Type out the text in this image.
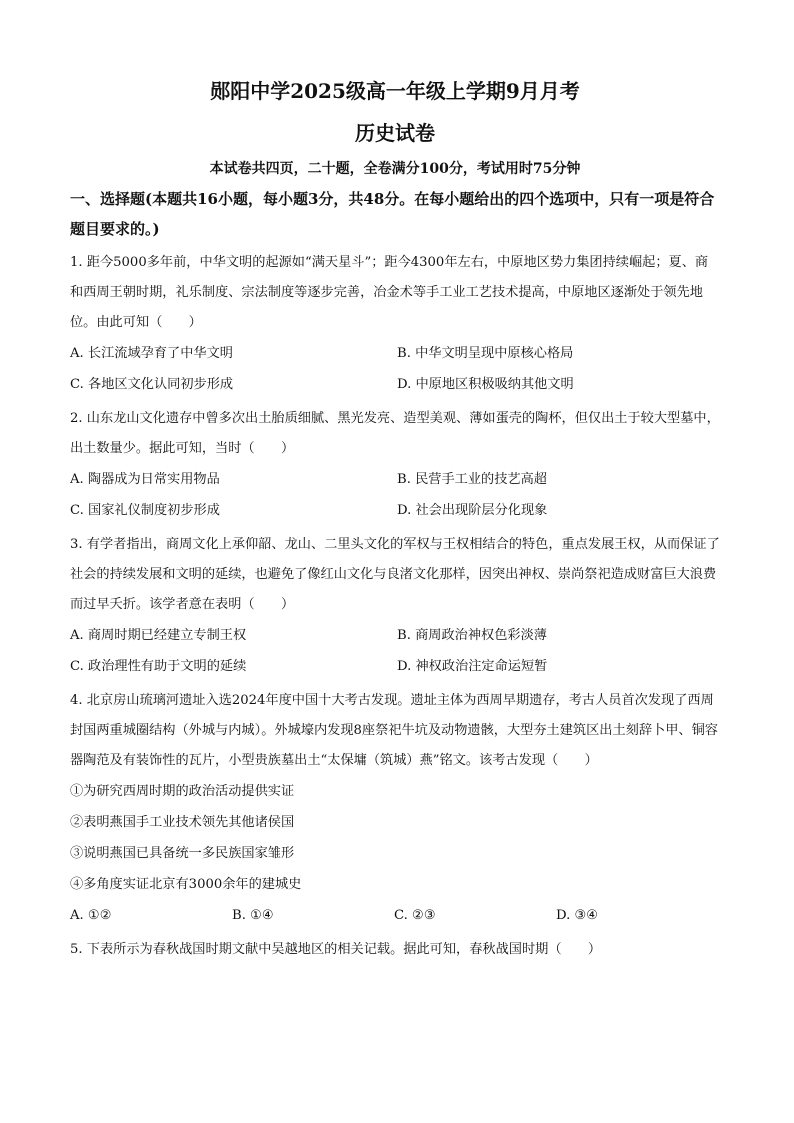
郧阳中学2025级高一年级上学期9月月考
历史试卷

本试卷共四页，二十题，全卷满分100分，考试用时75分钟

一、选择题(本题共16小题，每小题3分，共48分。在每小题给出的四个选项中，只有一项是符合题目要求的。)

1. 距今5000多年前，中华文明的起源如“满天星斗”；距今4300年左右，中原地区势力集团持续崛起；夏、商和西周王朝时期，礼乐制度、宗法制度等逐步完善，冶金术等手工业工艺技术提高，中原地区逐渐处于领先地位。由此可知（　　）

A. 长江流域孕育了中华文明	B. 中华文明呈现中原核心格局
C. 各地区文化认同初步形成	D. 中原地区积极吸纳其他文明

2. 山东龙山文化遗存中曾多次出土胎质细腻、黑光发亮、造型美观、薄如蛋壳的陶杯，但仅出土于较大型墓中，出土数量少。据此可知，当时（　　）

A. 陶器成为日常实用物品	B. 民营手工业的技艺高超
C. 国家礼仪制度初步形成	D. 社会出现阶层分化现象

3. 有学者指出，商周文化上承仰韶、龙山、二里头文化的军权与王权相结合的特色，重点发展王权，从而保证了社会的持续发展和文明的延续，也避免了像红山文化与良渚文化那样，因突出神权、崇尚祭祀造成财富巨大浪费而过早夭折。该学者意在表明（　　）

A. 商周时期已经建立专制王权	B. 商周政治神权色彩淡薄
C. 政治理性有助于文明的延续	D. 神权政治注定命运短暂

4. 北京房山琉璃河遗址入选2024年度中国十大考古发现。遗址主体为西周早期遗存，考古人员首次发现了西周封国两重城圈结构（外城与内城）。外城壕内发现8座祭祀牛坑及动物遗骸，大型夯土建筑区出土刻辞卜甲、铜容器陶范及有装饰性的瓦片，小型贵族墓出土“太保墉（筑城）燕”铭文。该考古发现（　　）

①为研究西周时期的政治活动提供实证
②表明燕国手工业技术领先其他诸侯国
③说明燕国已具备统一多民族国家雏形
④多角度实证北京有3000余年的建城史
A. ①②	B. ①④	C. ②③	D. ③④

5. 下表所示为春秋战国时期文献中吴越地区的相关记载。据此可知，春秋战国时期（　　）
